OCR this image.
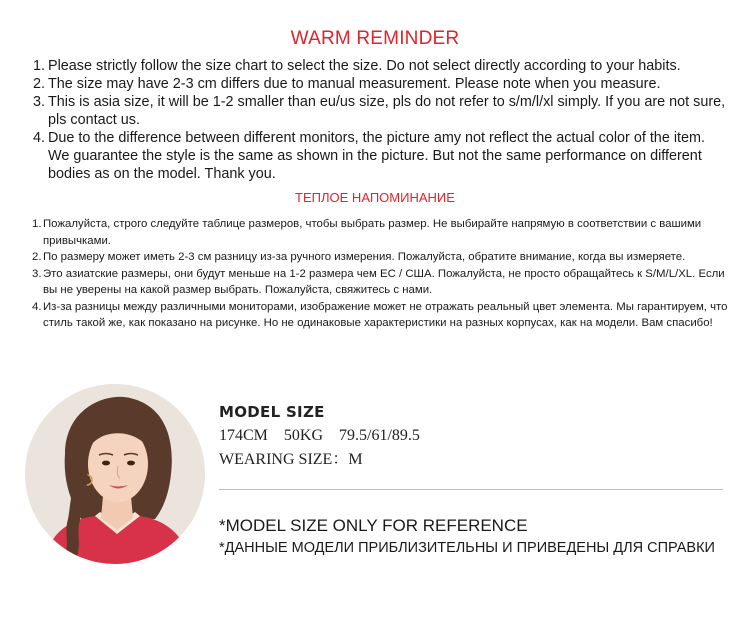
WARM REMINDER
1. Please strictly follow the size chart to select the size. Do not select directly according to your habits.
2. The size may have 2-3 cm differs due to manual measurement. Please note when you measure.
3. This is asia size, it will be 1-2 smaller than eu/us size, pls do not refer to s/m/l/xl simply. If you are not sure, pls contact us.
4. Due to the difference between different monitors, the picture amy not reflect the actual color of the item. We guarantee the style is the same as shown in the picture. But not the same performance on different bodies as on the model. Thank you.
ТЕПЛОЕ НАПОМИНАНИЕ
1. Пожалуйста, строго следуйте таблице размеров, чтобы выбрать размер. Не выбирайте напрямую в соответствии с вашими привычками.
2. По размеру может иметь 2-3 см разницу из-за ручного измерения. Пожалуйста, обратите внимание, когда вы измеряете.
3. Это азиатские размеры, они будут меньше на 1-2 размера чем ЕС / США. Пожалуйста, не просто обращайтесь к S/M/L/XL. Если вы не уверены на какой размер выбрать. Пожалуйста, свяжитесь с нами.
4. Из-за разницы между различными мониторами, изображение может не отражать реальный цвет элемента. Мы гарантируем, что стиль такой же, как показано на рисунке. Но не одинаковые характеристики на разных корпусах, как на модели. Вам спасибо!
MODEL SIZE
174CM    50KG    79.5/61/89.5
WEARING SIZE：M
*MODEL SIZE ONLY FOR REFERENCE
*ДАННЫЕ МОДЕЛИ ПРИБЛИЗИТЕЛЬНЫ И ПРИВЕДЕНЫ ДЛЯ СПРАВКИ
